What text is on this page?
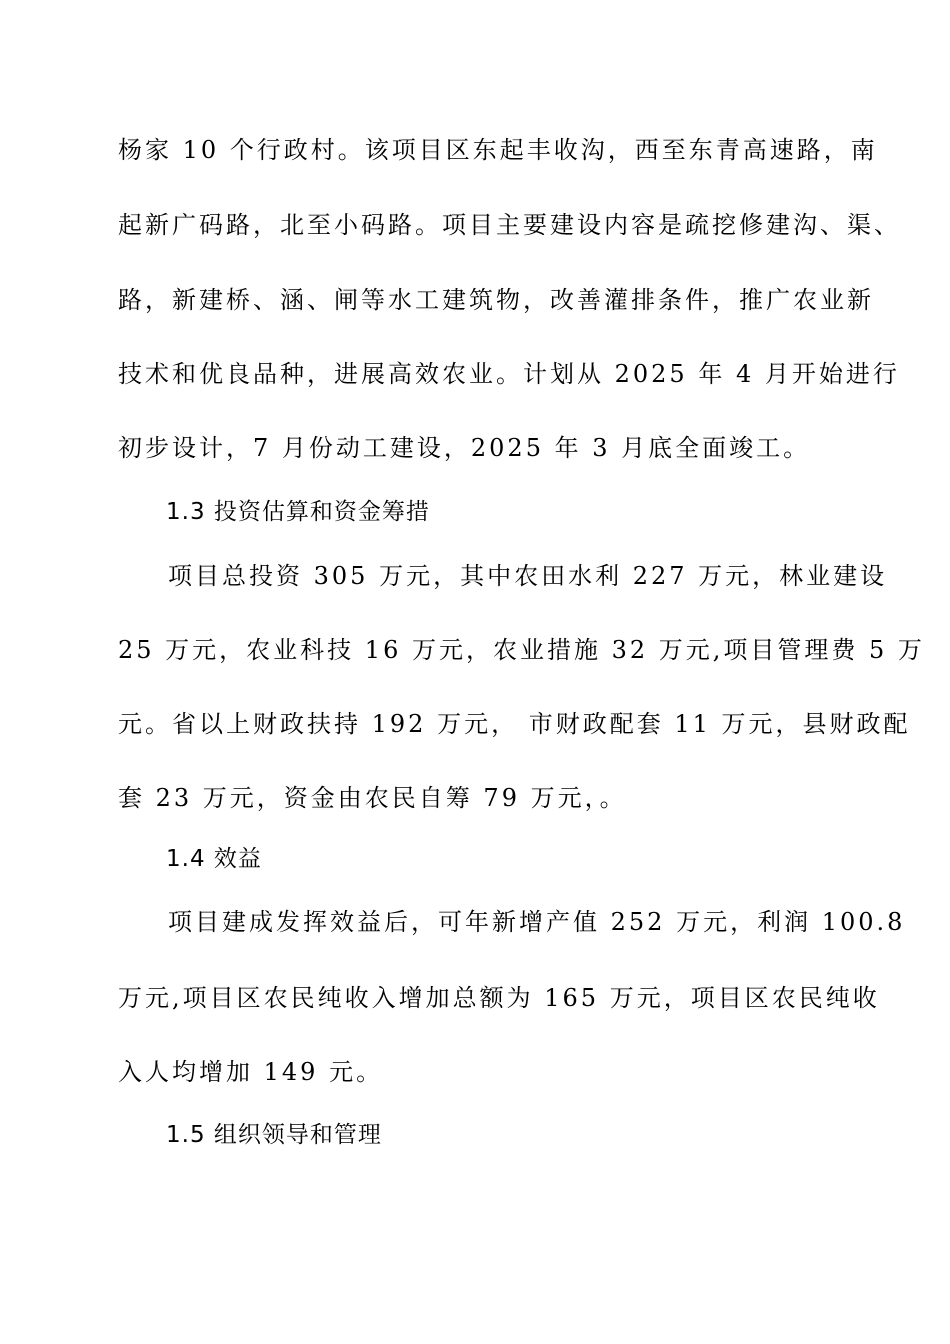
杨家 10 个行政村。该项目区东起丰收沟，西至东青高速路，南
起新广码路，北至小码路。项目主要建设内容是疏挖修建沟、渠、
路，新建桥、涵、闸等水工建筑物，改善灌排条件，推广农业新
技术和优良品种，进展高效农业。计划从 2025 年 4 月开始进行
初步设计，7 月份动工建设，2025 年 3 月底全面竣工。
1.3 投资估算和资金筹措
项目总投资 305 万元，其中农田水利 227 万元，林业建设
25 万元，农业科技 16 万元，农业措施 32 万元,项目管理费 5 万
元。省以上财政扶持 192 万元， 市财政配套 11 万元，县财政配
套 23 万元，资金由农民自筹 79 万元，。
1.4 效益
项目建成发挥效益后，可年新增产值 252 万元，利润 100.8
万元,项目区农民纯收入增加总额为 165 万元，项目区农民纯收
入人均增加 149 元。
1.5 组织领导和管理
